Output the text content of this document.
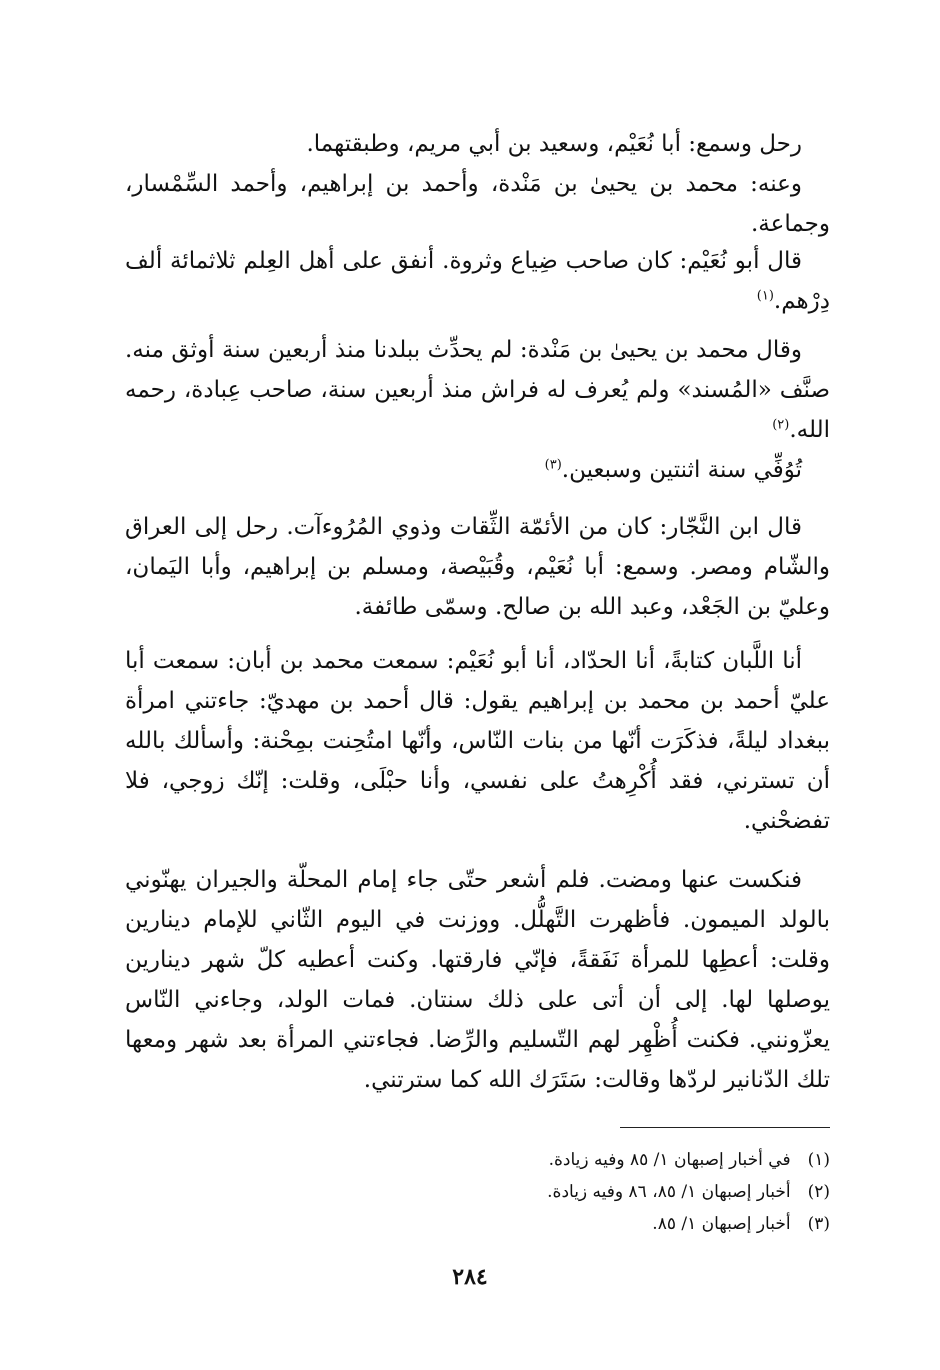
رحل وسمع: أبا نُعَيْم، وسعيد بن أبي مريم، وطبقتهما.

وعنه: محمد بن يحيىٰ بن مَنْدة، وأحمد بن إبراهيم، وأحمد السِّمْسار، وجماعة.

قال أبو نُعَيْم: كان صاحب ضِياع وثروة. أنفق على أهل العِلم ثلاثمائة ألف دِرْهم.$^{(١)}$

وقال محمد بن يحيىٰ بن مَنْدة: لم يحدِّث ببلدنا منذ أربعين سنة أوثق منه. صنَّف «المُسند» ولم يُعرف له فراش منذ أربعين سنة، صاحب عِبادة، رحمه الله.$^{(٢)}$

تُوُفِّي سنة اثنتين وسبعين.$^{(٣)}$

قال ابن النَّجّار: كان من الأئمّة الثِّقات وذوي المُرُوءآت. رحل إلى العراق والشّام ومصر. وسمع: أبا نُعَيْم، وقُبَيْصة، ومسلم بن إبراهيم، وأبا اليَمان، وعليّ بن الجَعْد، وعبد الله بن صالح. وسمّى طائفة.

أنا اللَّبان كتابةً، أنا الحدّاد، أنا أبو نُعَيْم: سمعت محمد بن أبان: سمعت أبا عليّ أحمد بن محمد بن إبراهيم يقول: قال أحمد بن مهديّ: جاءتني امرأة ببغداد ليلةً، فذكَرَت أنّها من بنات النّاس، وأنّها امتُحِنت بمِحْنة: وأسألك بالله أن تسترني، فقد أُكْرِهتُ على نفسي، وأنا حبْلَى، وقلت: إنّك زوجي، فلا تفضحْني.

فنكست عنها ومضت. فلم أشعر حتّى جاء إمام المحلّة والجيران يهنّوني بالولد الميمون. فأظهرت التَّهلُّل. ووزنت في اليوم الثّاني للإمام دينارين وقلت: أعطِها للمرأة نَفَقةً، فإنّي فارقتها. وكنت أعطيه كلّ شهر دينارين يوصلها لها. إلى أن أتى على ذلك سنتان. فمات الولد، وجاءني النّاس يعزّونني. فكنت أُظْهِر لهم التّسليم والرِّضا. فجاءتني المرأة بعد شهر ومعها تلك الدّنانير لردّها وقالت: سَتَرَك الله كما سترتني.

(١) في أخبار إصبهان ١/ ٨٥ وفيه زيادة.

(٢) أخبار إصبهان ١/ ٨٥، ٨٦ وفيه زيادة.

(٣) أخبار إصبهان ١/ ٨٥.

٢٨٤
